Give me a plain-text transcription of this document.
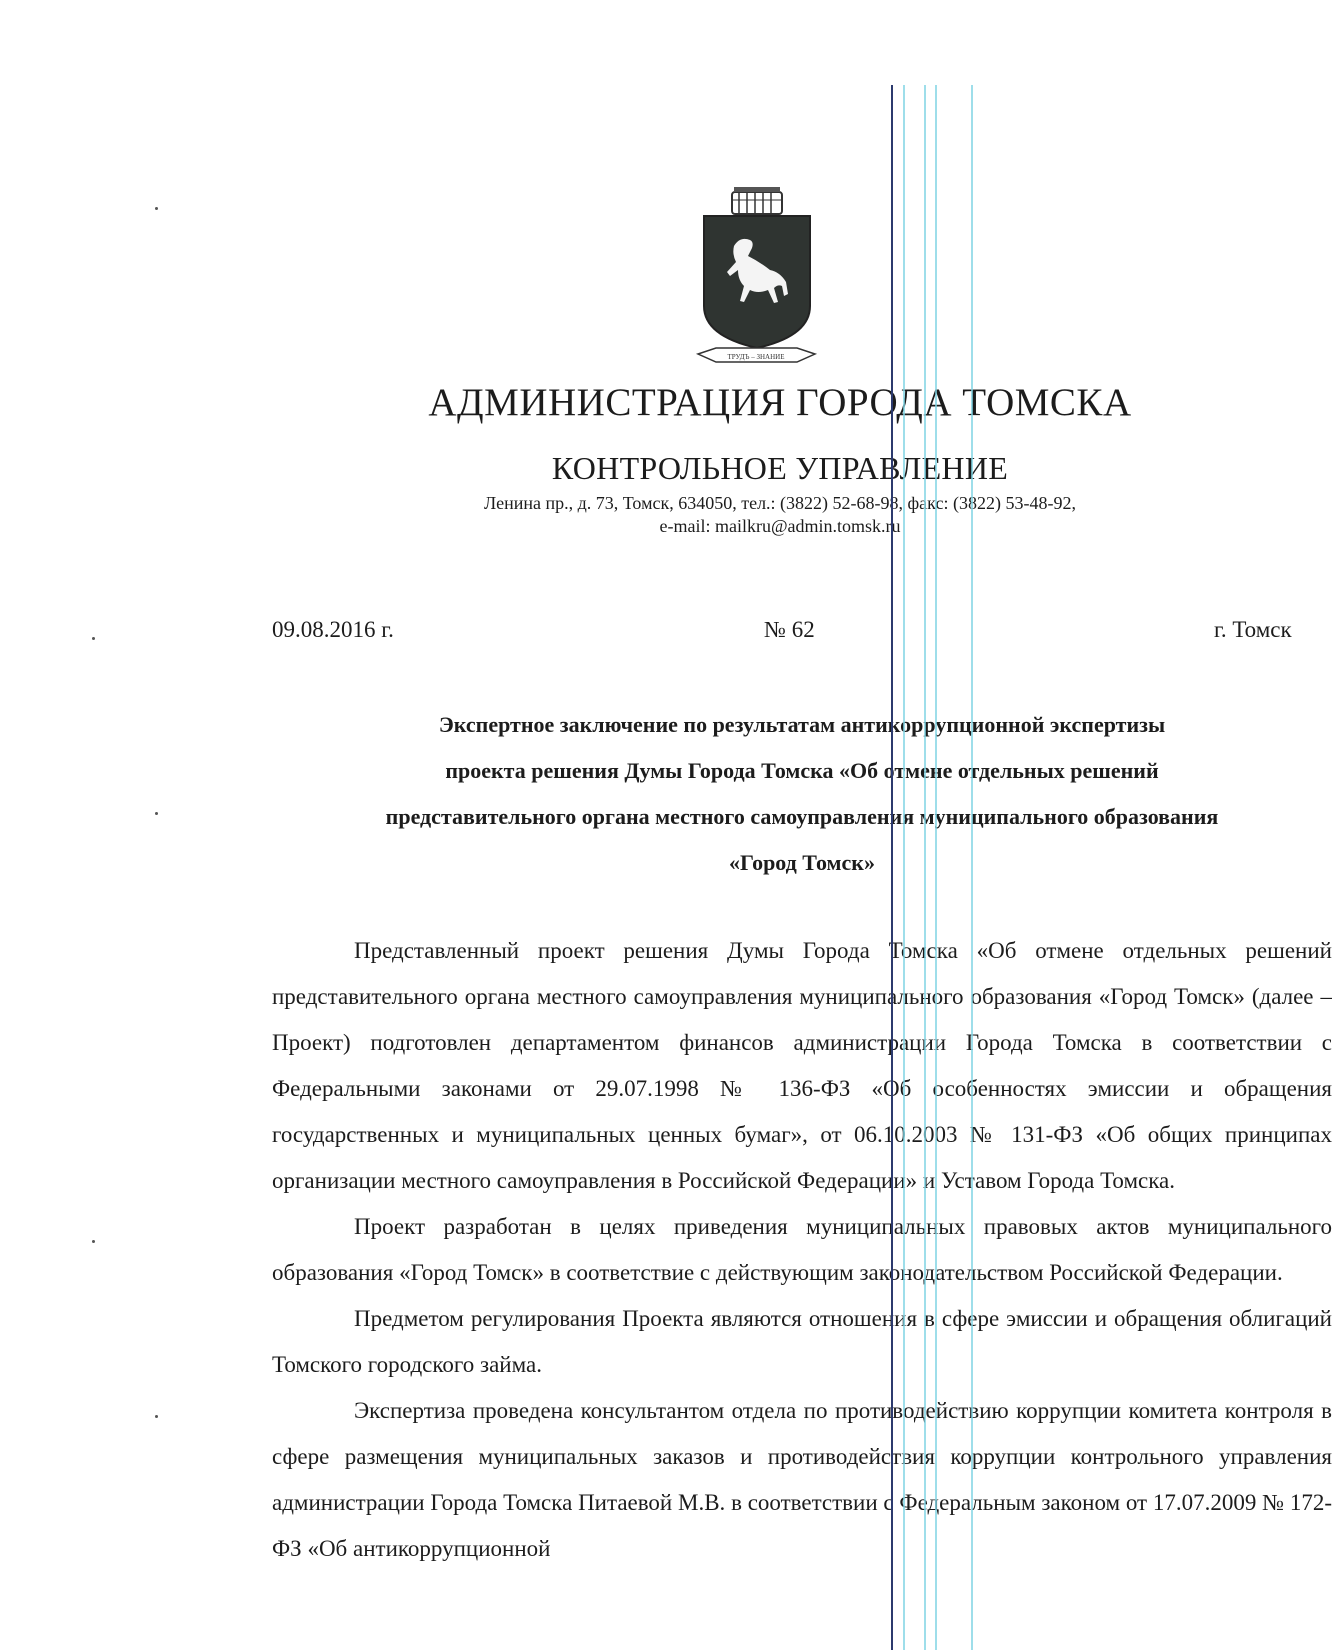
ТРУДЪ – ЗНАНИЕ
АДМИНИСТРАЦИЯ ГОРОДА ТОМСКА
КОНТРОЛЬНОЕ УПРАВЛЕНИЕ
Ленина пр., д. 73, Томск, 634050, тел.: (3822) 52-68-98, факс: (3822) 53-48-92,
e-mail: mailkru@admin.tomsk.ru
09.08.2016 г.	№ 62	г. Томск
Экспертное заключение по результатам антикоррупционной экспертизы
проекта решения Думы Города Томска «Об отмене отдельных решений
представительного органа местного самоуправления муниципального образования
«Город Томск»

Представленный проект решения Думы Города Томска «Об отмене отдельных решений представительного органа местного самоуправления муниципального образования «Город Томск» (далее – Проект) подготовлен департаментом финансов администрации Города Томска в соответствии с Федеральными законами от 29.07.1998 № 136-ФЗ «Об особенностях эмиссии и обращения государственных и муниципальных ценных бумаг», от 06.10.2003 № 131-ФЗ «Об общих принципах организации местного самоуправления в Российской Федерации» и Уставом Города Томска.

Проект разработан в целях приведения муниципальных правовых актов муниципального образования «Город Томск» в соответствие с действующим законодательством Российской Федерации.

Предметом регулирования Проекта являются отношения в сфере эмиссии и обращения облигаций Томского городского займа.

Экспертиза проведена консультантом отдела по противодействию коррупции комитета контроля в сфере размещения муниципальных заказов и противодействия коррупции контрольного управления администрации Города Томска Питаевой М.В. в соответствии с Федеральным законом от 17.07.2009 № 172-ФЗ «Об антикоррупционной
